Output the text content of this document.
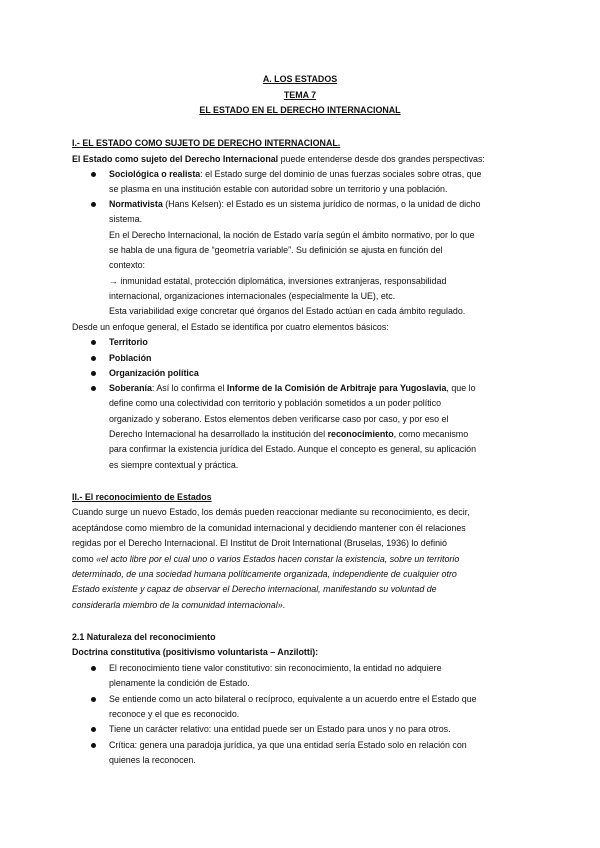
A. LOS ESTADOS
TEMA 7
EL ESTADO EN EL DERECHO INTERNACIONAL
I.- EL ESTADO COMO SUJETO DE DERECHO INTERNACIONAL.
El Estado como sujeto del Derecho Internacional puede entenderse desde dos grandes perspectivas:
Sociológica o realista: el Estado surge del dominio de unas fuerzas sociales sobre otras, que
se plasma en una institución estable con autoridad sobre un territorio y una población.
Normativista (Hans Kelsen): el Estado es un sistema jurídico de normas, o la unidad de dicho
sistema.
En el Derecho Internacional, la noción de Estado varía según el ámbito normativo, por lo que
se habla de una figura de “geometría variable”. Su definición se ajusta en función del
contexto:
→ inmunidad estatal, protección diplomática, inversiones extranjeras, responsabilidad
internacional, organizaciones internacionales (especialmente la UE), etc.
Esta variabilidad exige concretar qué órganos del Estado actúan en cada ámbito regulado.
Desde un enfoque general, el Estado se identifica por cuatro elementos básicos:
Territorio
Población
Organización política
Soberanía: Así lo confirma el Informe de la Comisión de Arbitraje para Yugoslavia, que lo
define como una colectividad con territorio y población sometidos a un poder político
organizado y soberano. Estos elementos deben verificarse caso por caso, y por eso el
Derecho Internacional ha desarrollado la institución del reconocimiento, como mecanismo
para confirmar la existencia jurídica del Estado. Aunque el concepto es general, su aplicación
es siempre contextual y práctica.
II.- El reconocimiento de Estados
Cuando surge un nuevo Estado, los demás pueden reaccionar mediante su reconocimiento, es decir,
aceptándose como miembro de la comunidad internacional y decidiendo mantener con él relaciones
regidas por el Derecho Internacional. El Institut de Droit International (Bruselas, 1936) lo definió
como «el acto libre por el cual uno o varios Estados hacen constar la existencia, sobre un territorio
determinado, de una sociedad humana políticamente organizada, independiente de cualquier otro
Estado existente y capaz de observar el Derecho internacional, manifestando su voluntad de
considerarla miembro de la comunidad internacional».
2.1 Naturaleza del reconocimiento
Doctrina constitutiva (positivismo voluntarista – Anzilotti):
El reconocimiento tiene valor constitutivo: sin reconocimiento, la entidad no adquiere
plenamente la condición de Estado.
Se entiende como un acto bilateral o recíproco, equivalente a un acuerdo entre el Estado que
reconoce y el que es reconocido.
Tiene un carácter relativo: una entidad puede ser un Estado para unos y no para otros.
Crítica: genera una paradoja jurídica, ya que una entidad sería Estado solo en relación con
quienes la reconocen.
